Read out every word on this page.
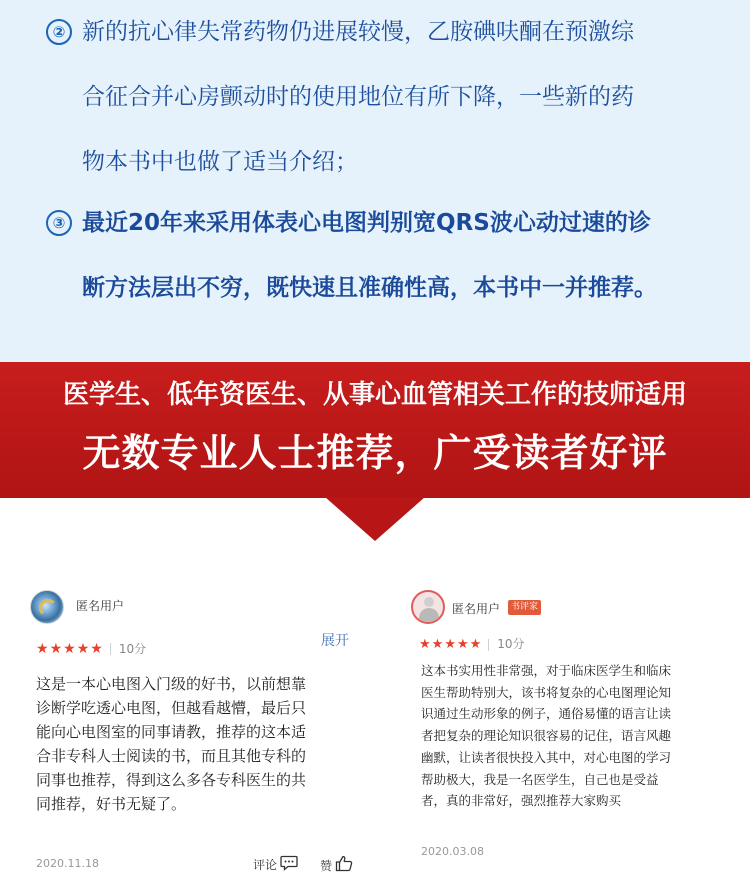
② 新的抗心律失常药物仍进展较慢，乙胺碘呋酮在预激综
合征合并心房颤动时的使用地位有所下降，一些新的药
物本书中也做了适当介绍；
③ 最近20年来采用体表心电图判别宽QRS波心动过速的诊
断方法层出不穷，既快速且准确性高，本书中一并推荐。
医学生、低年资医生、从事心血管相关工作的技师适用
无数专业人士推荐，广受读者好评
匿名用户
★★★★★ 10分	展开
这是一本心电图入门级的好书，以前想靠
诊断学吃透心电图，但越看越懵，最后只
能向心电图室的同事请教，推荐的这本适
合非专科人士阅读的书，而且其他专科的
同事也推荐，得到这么多各专科医生的共
同推荐，好书无疑了。
2020.11.18	评论	赞
匿名用户	书评家
★★★★★ 10分
这本书实用性非常强，对于临床医学生和临床
医生帮助特别大，该书将复杂的心电图理论知
识通过生动形象的例子，通俗易懂的语言让读
者把复杂的理论知识很容易的记住，语言风趣
幽默，让读者很快投入其中，对心电图的学习
帮助极大，我是一名医学生，自己也是受益
者，真的非常好，强烈推荐大家购买
2020.03.08
